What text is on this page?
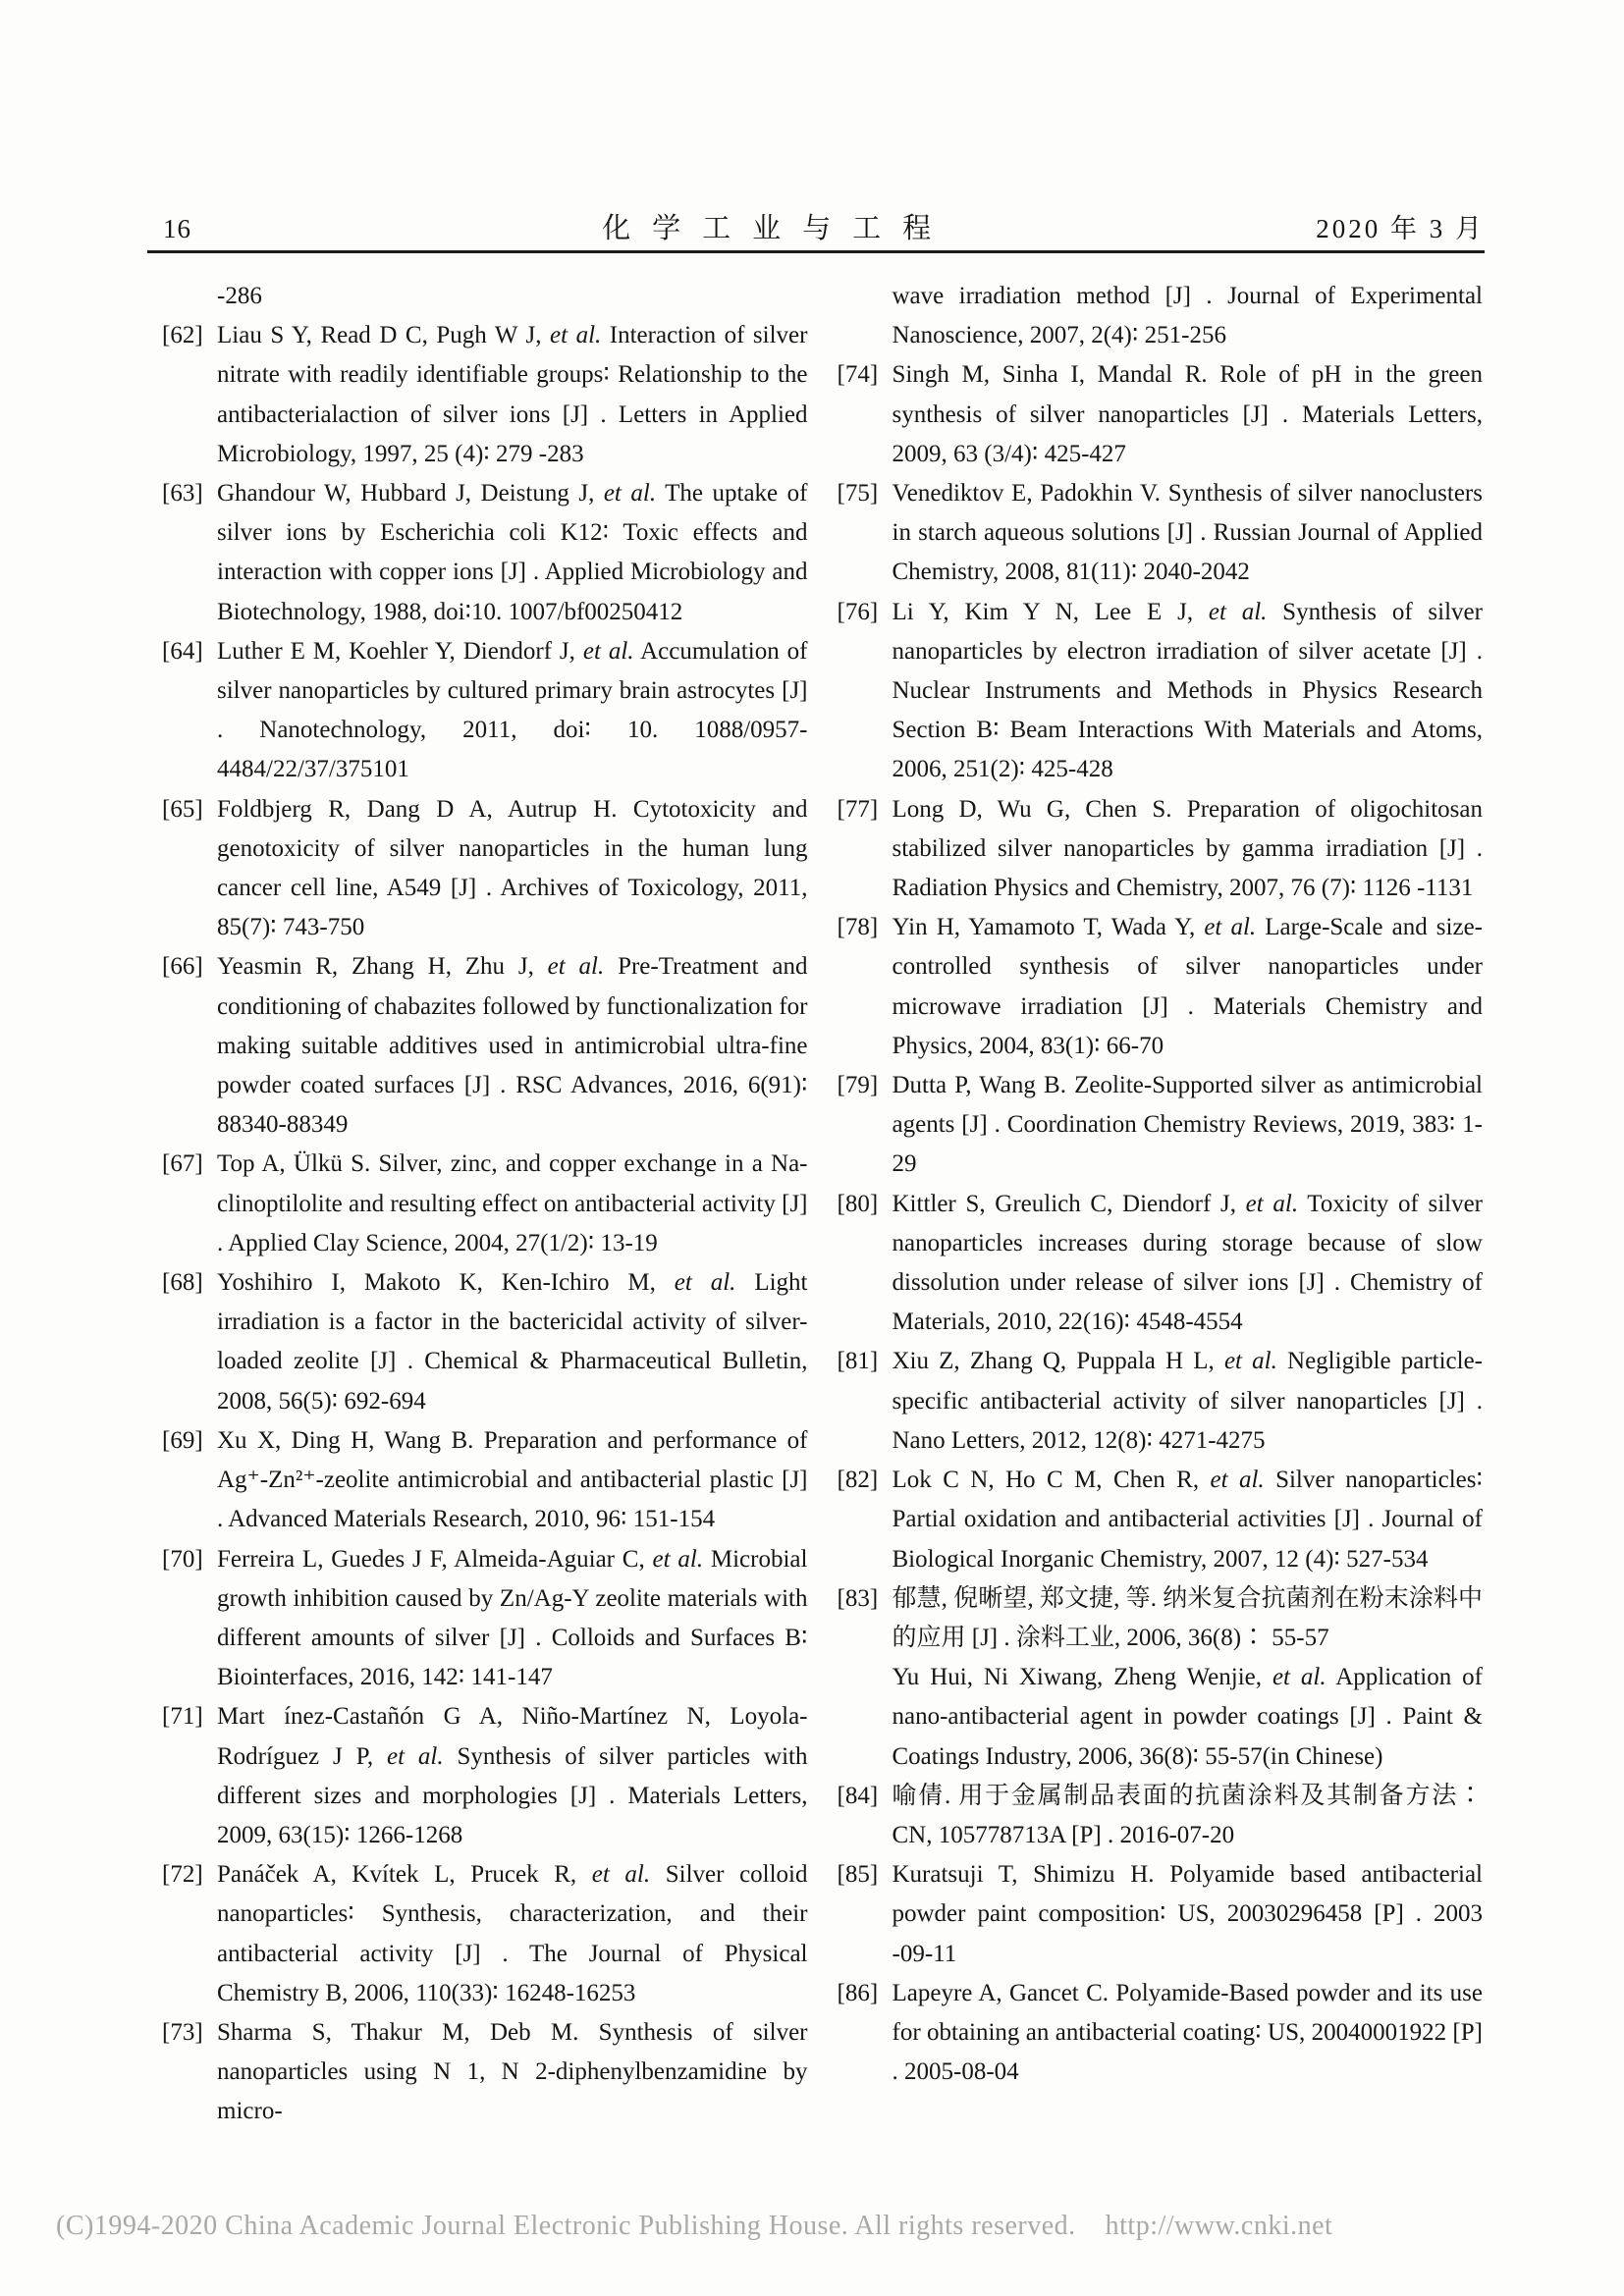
16	化学工业与工程	2020 年 3 月

-286

[62] Liau S Y, Read D C, Pugh W J, et al. Interaction of silver nitrate with readily identifiable groups∶ Relationship to the antibacterialaction of silver ions [J] . Letters in Applied Microbiology, 1997, 25 (4)∶ 279 -283

[63] Ghandour W, Hubbard J, Deistung J, et al. The uptake of silver ions by Escherichia coli K12∶ Toxic effects and interaction with copper ions [J] . Applied Microbiology and Biotechnology, 1988, doi∶10. 1007/bf00250412

[64] Luther E M, Koehler Y, Diendorf J, et al. Accumulation of silver nanoparticles by cultured primary brain astrocytes [J] . Nanotechnology, 2011, doi∶ 10. 1088/0957-4484/22/37/375101

[65] Foldbjerg R, Dang D A, Autrup H. Cytotoxicity and genotoxicity of silver nanoparticles in the human lung cancer cell line, A549 [J] . Archives of Toxicology, 2011, 85(7)∶ 743-750

[66] Yeasmin R, Zhang H, Zhu J, et al. Pre-Treatment and conditioning of chabazites followed by functionalization for making suitable additives used in antimicrobial ultra-fine powder coated surfaces [J] . RSC Advances, 2016, 6(91)∶ 88340-88349

[67] Top A, Ülkü S. Silver, zinc, and copper exchange in a Na-clinoptilolite and resulting effect on antibacterial activity [J] . Applied Clay Science, 2004, 27(1/2)∶ 13-19

[68] Yoshihiro I, Makoto K, Ken-Ichiro M, et al. Light irradiation is a factor in the bactericidal activity of silver-loaded zeolite [J] . Chemical & Pharmaceutical Bulletin, 2008, 56(5)∶ 692-694

[69] Xu X, Ding H, Wang B. Preparation and performance of Ag⁺-Zn²⁺-zeolite antimicrobial and antibacterial plastic [J] . Advanced Materials Research, 2010, 96∶ 151-154

[70] Ferreira L, Guedes J F, Almeida-Aguiar C, et al. Microbial growth inhibition caused by Zn/Ag-Y zeolite materials with different amounts of silver [J] . Colloids and Surfaces B∶ Biointerfaces, 2016, 142∶ 141-147

[71] Mart ínez-Castañón G A, Niño-Martínez N, Loyola-Rodríguez J P, et al. Synthesis of silver particles with different sizes and morphologies [J] . Materials Letters, 2009, 63(15)∶ 1266-1268

[72] Panáček A, Kvítek L, Prucek R, et al. Silver colloid nanoparticles∶ Synthesis, characterization, and their antibacterial activity [J] . The Journal of Physical Chemistry B, 2006, 110(33)∶ 16248-16253

[73] Sharma S, Thakur M, Deb M. Synthesis of silver nanoparticles using N 1, N 2-diphenylbenzamidine by micro-

wave irradiation method [J] . Journal of Experimental Nanoscience, 2007, 2(4)∶ 251-256

[74] Singh M, Sinha I, Mandal R. Role of pH in the green synthesis of silver nanoparticles [J] . Materials Letters, 2009, 63 (3/4)∶ 425-427

[75] Venediktov E, Padokhin V. Synthesis of silver nanoclusters in starch aqueous solutions [J] . Russian Journal of Applied Chemistry, 2008, 81(11)∶ 2040-2042

[76] Li Y, Kim Y N, Lee E J, et al. Synthesis of silver nanoparticles by electron irradiation of silver acetate [J] . Nuclear Instruments and Methods in Physics Research Section B∶ Beam Interactions With Materials and Atoms, 2006, 251(2)∶ 425-428

[77] Long D, Wu G, Chen S. Preparation of oligochitosan stabilized silver nanoparticles by gamma irradiation [J] . Radiation Physics and Chemistry, 2007, 76 (7)∶ 1126 -1131

[78] Yin H, Yamamoto T, Wada Y, et al. Large-Scale and size-controlled synthesis of silver nanoparticles under microwave irradiation [J] . Materials Chemistry and Physics, 2004, 83(1)∶ 66-70

[79] Dutta P, Wang B. Zeolite-Supported silver as antimicrobial agents [J] . Coordination Chemistry Reviews, 2019, 383∶ 1-29

[80] Kittler S, Greulich C, Diendorf J, et al. Toxicity of silver nanoparticles increases during storage because of slow dissolution under release of silver ions [J] . Chemistry of Materials, 2010, 22(16)∶ 4548-4554

[81] Xiu Z, Zhang Q, Puppala H L, et al. Negligible particle-specific antibacterial activity of silver nanoparticles [J] . Nano Letters, 2012, 12(8)∶ 4271-4275

[82] Lok C N, Ho C M, Chen R, et al. Silver nanoparticles∶ Partial oxidation and antibacterial activities [J] . Journal of Biological Inorganic Chemistry, 2007, 12 (4)∶ 527-534

[83] 郁慧, 倪晰望, 郑文捷, 等. 纳米复合抗菌剂在粉末涂料中的应用 [J] . 涂料工业, 2006, 36(8)∶ 55-57

Yu Hui, Ni Xiwang, Zheng Wenjie, et al. Application of nano-antibacterial agent in powder coatings [J] . Paint & Coatings Industry, 2006, 36(8)∶ 55-57(in Chinese)

[84] 喻倩. 用于金属制品表面的抗菌涂料及其制备方法∶ CN, 105778713A [P] . 2016-07-20

[85] Kuratsuji T, Shimizu H. Polyamide based antibacterial powder paint composition∶ US, 20030296458 [P] . 2003 -09-11

[86] Lapeyre A, Gancet C. Polyamide-Based powder and its use for obtaining an antibacterial coating∶ US, 20040001922 [P] . 2005-08-04

(C)1994-2020 China Academic Journal Electronic Publishing House. All rights reserved. http://www.cnki.net
